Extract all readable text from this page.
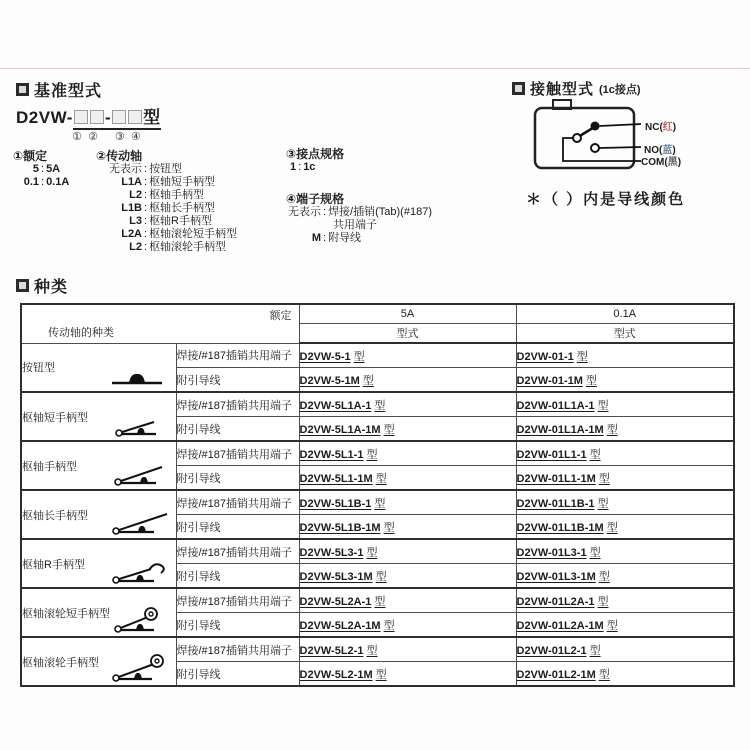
基准型式
D2VW- - 型
① ② ③ ④
①额定
5 : 5A
0.1 : 0.1A
②传动轴
无表示 : 按钮型
L1A : 枢轴短手柄型
L2 : 枢轴手柄型
L1B : 枢轴长手柄型
L3 : 枢轴R手柄型
L2A : 枢轴滚轮短手柄型
L2 : 枢轴滚轮手柄型
③接点规格
1 : 1c
④端子规格
无表示 : 焊接/插销(Tab)(#187)
共用端子
M : 附导线
接触型式 (1c接点)
NC(红)
NO(蓝)
COM(黑)
＊（ ）内是导线颜色
种类
额定
传动轴的种类		5A	0.1A
		型式	型式
按钮型	焊接/#187插销共用端子	D2VW-5-1 型	D2VW-01-1 型
	附引导线	D2VW-5-1M 型	D2VW-01-1M 型
枢轴短手柄型	焊接/#187插销共用端子	D2VW-5L1A-1 型	D2VW-01L1A-1 型
	附引导线	D2VW-5L1A-1M 型	D2VW-01L1A-1M 型
枢轴手柄型	焊接/#187插销共用端子	D2VW-5L1-1 型	D2VW-01L1-1 型
	附引导线	D2VW-5L1-1M 型	D2VW-01L1-1M 型
枢轴长手柄型	焊接/#187插销共用端子	D2VW-5L1B-1 型	D2VW-01L1B-1 型
	附引导线	D2VW-5L1B-1M 型	D2VW-01L1B-1M 型
枢轴R手柄型	焊接/#187插销共用端子	D2VW-5L3-1 型	D2VW-01L3-1 型
	附引导线	D2VW-5L3-1M 型	D2VW-01L3-1M 型
枢轴滚轮短手柄型	焊接/#187插销共用端子	D2VW-5L2A-1 型	D2VW-01L2A-1 型
	附引导线	D2VW-5L2A-1M 型	D2VW-01L2A-1M 型
枢轴滚轮手柄型	焊接/#187插销共用端子	D2VW-5L2-1 型	D2VW-01L2-1 型
	附引导线	D2VW-5L2-1M 型	D2VW-01L2-1M 型
